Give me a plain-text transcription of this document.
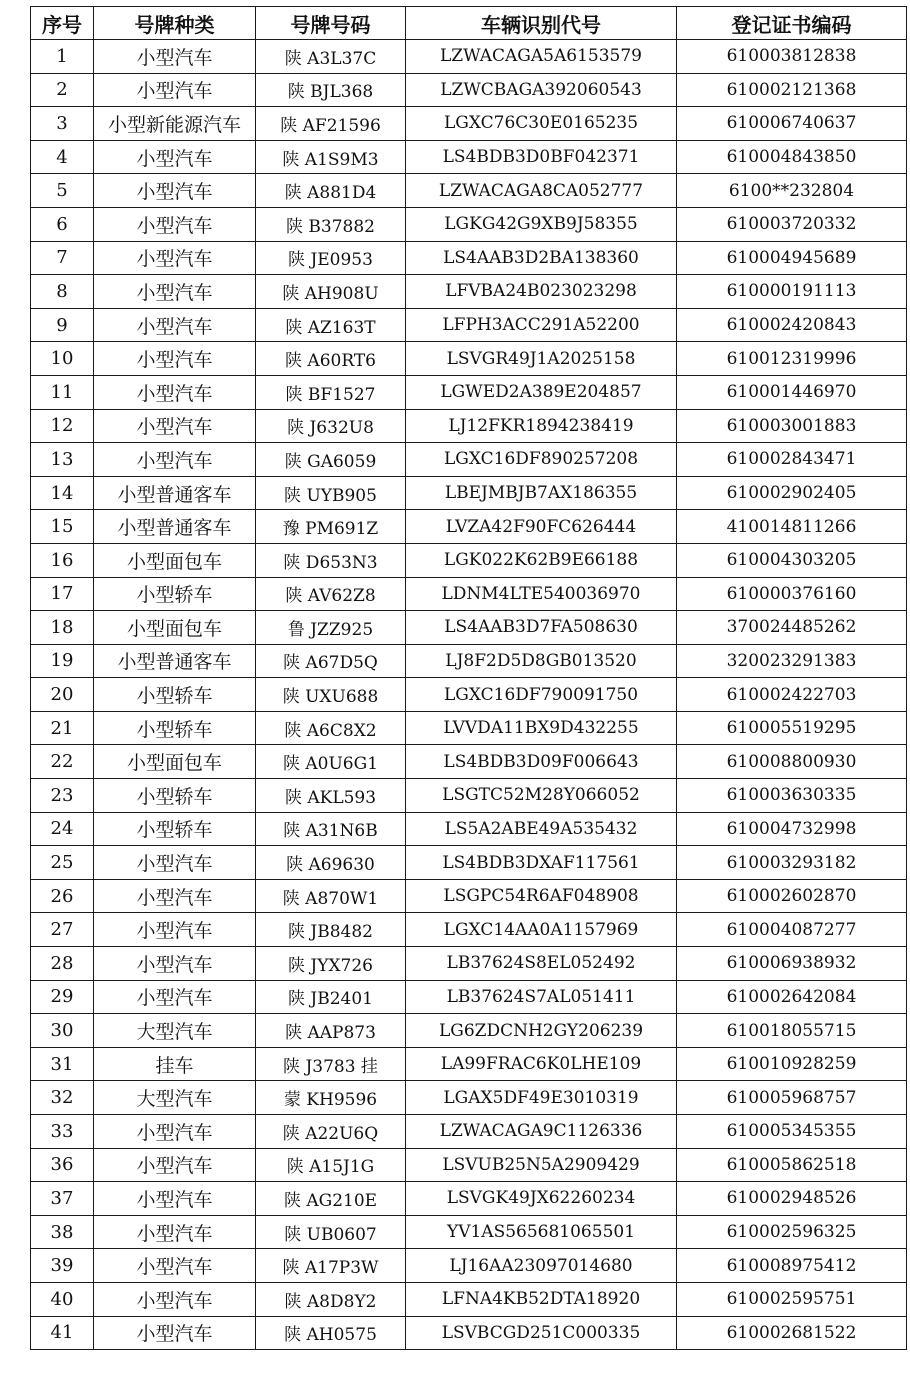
序号	号牌种类	号牌号码	车辆识别代号	登记证书编码
1	小型汽车	陕 A3L37C	LZWACAGA5A6153579	610003812838
2	小型汽车	陕 BJL368	LZWCBAGA392060543	610002121368
3	小型新能源汽车	陕 AF21596	LGXC76C30E0165235	610006740637
4	小型汽车	陕 A1S9M3	LS4BDB3D0BF042371	610004843850
5	小型汽车	陕 A881D4	LZWACAGA8CA052777	6100**232804
6	小型汽车	陕 B37882	LGKG42G9XB9J58355	610003720332
7	小型汽车	陕 JE0953	LS4AAB3D2BA138360	610004945689
8	小型汽车	陕 AH908U	LFVBA24B023023298	610000191113
9	小型汽车	陕 AZ163T	LFPH3ACC291A52200	610002420843
10	小型汽车	陕 A60RT6	LSVGR49J1A2025158	610012319996
11	小型汽车	陕 BF1527	LGWED2A389E204857	610001446970
12	小型汽车	陕 J632U8	LJ12FKR1894238419	610003001883
13	小型汽车	陕 GA6059	LGXC16DF890257208	610002843471
14	小型普通客车	陕 UYB905	LBEJMBJB7AX186355	610002902405
15	小型普通客车	豫 PM691Z	LVZA42F90FC626444	410014811266
16	小型面包车	陕 D653N3	LGK022K62B9E66188	610004303205
17	小型轿车	陕 AV62Z8	LDNM4LTE540036970	610000376160
18	小型面包车	鲁 JZZ925	LS4AAB3D7FA508630	370024485262
19	小型普通客车	陕 A67D5Q	LJ8F2D5D8GB013520	320023291383
20	小型轿车	陕 UXU688	LGXC16DF790091750	610002422703
21	小型轿车	陕 A6C8X2	LVVDA11BX9D432255	610005519295
22	小型面包车	陕 A0U6G1	LS4BDB3D09F006643	610008800930
23	小型轿车	陕 AKL593	LSGTC52M28Y066052	610003630335
24	小型轿车	陕 A31N6B	LS5A2ABE49A535432	610004732998
25	小型汽车	陕 A69630	LS4BDB3DXAF117561	610003293182
26	小型汽车	陕 A870W1	LSGPC54R6AF048908	610002602870
27	小型汽车	陕 JB8482	LGXC14AA0A1157969	610004087277
28	小型汽车	陕 JYX726	LB37624S8EL052492	610006938932
29	小型汽车	陕 JB2401	LB37624S7AL051411	610002642084
30	大型汽车	陕 AAP873	LG6ZDCNH2GY206239	610018055715
31	挂车	陕 J3783 挂	LA99FRAC6K0LHE109	610010928259
32	大型汽车	蒙 KH9596	LGAX5DF49E3010319	610005968757
33	小型汽车	陕 A22U6Q	LZWACAGA9C1126336	610005345355
36	小型汽车	陕 A15J1G	LSVUB25N5A2909429	610005862518
37	小型汽车	陕 AG210E	LSVGK49JX62260234	610002948526
38	小型汽车	陕 UB0607	YV1AS565681065501	610002596325
39	小型汽车	陕 A17P3W	LJ16AA23097014680	610008975412
40	小型汽车	陕 A8D8Y2	LFNA4KB52DTA18920	610002595751
41	小型汽车	陕 AH0575	LSVBCGD251C000335	610002681522
